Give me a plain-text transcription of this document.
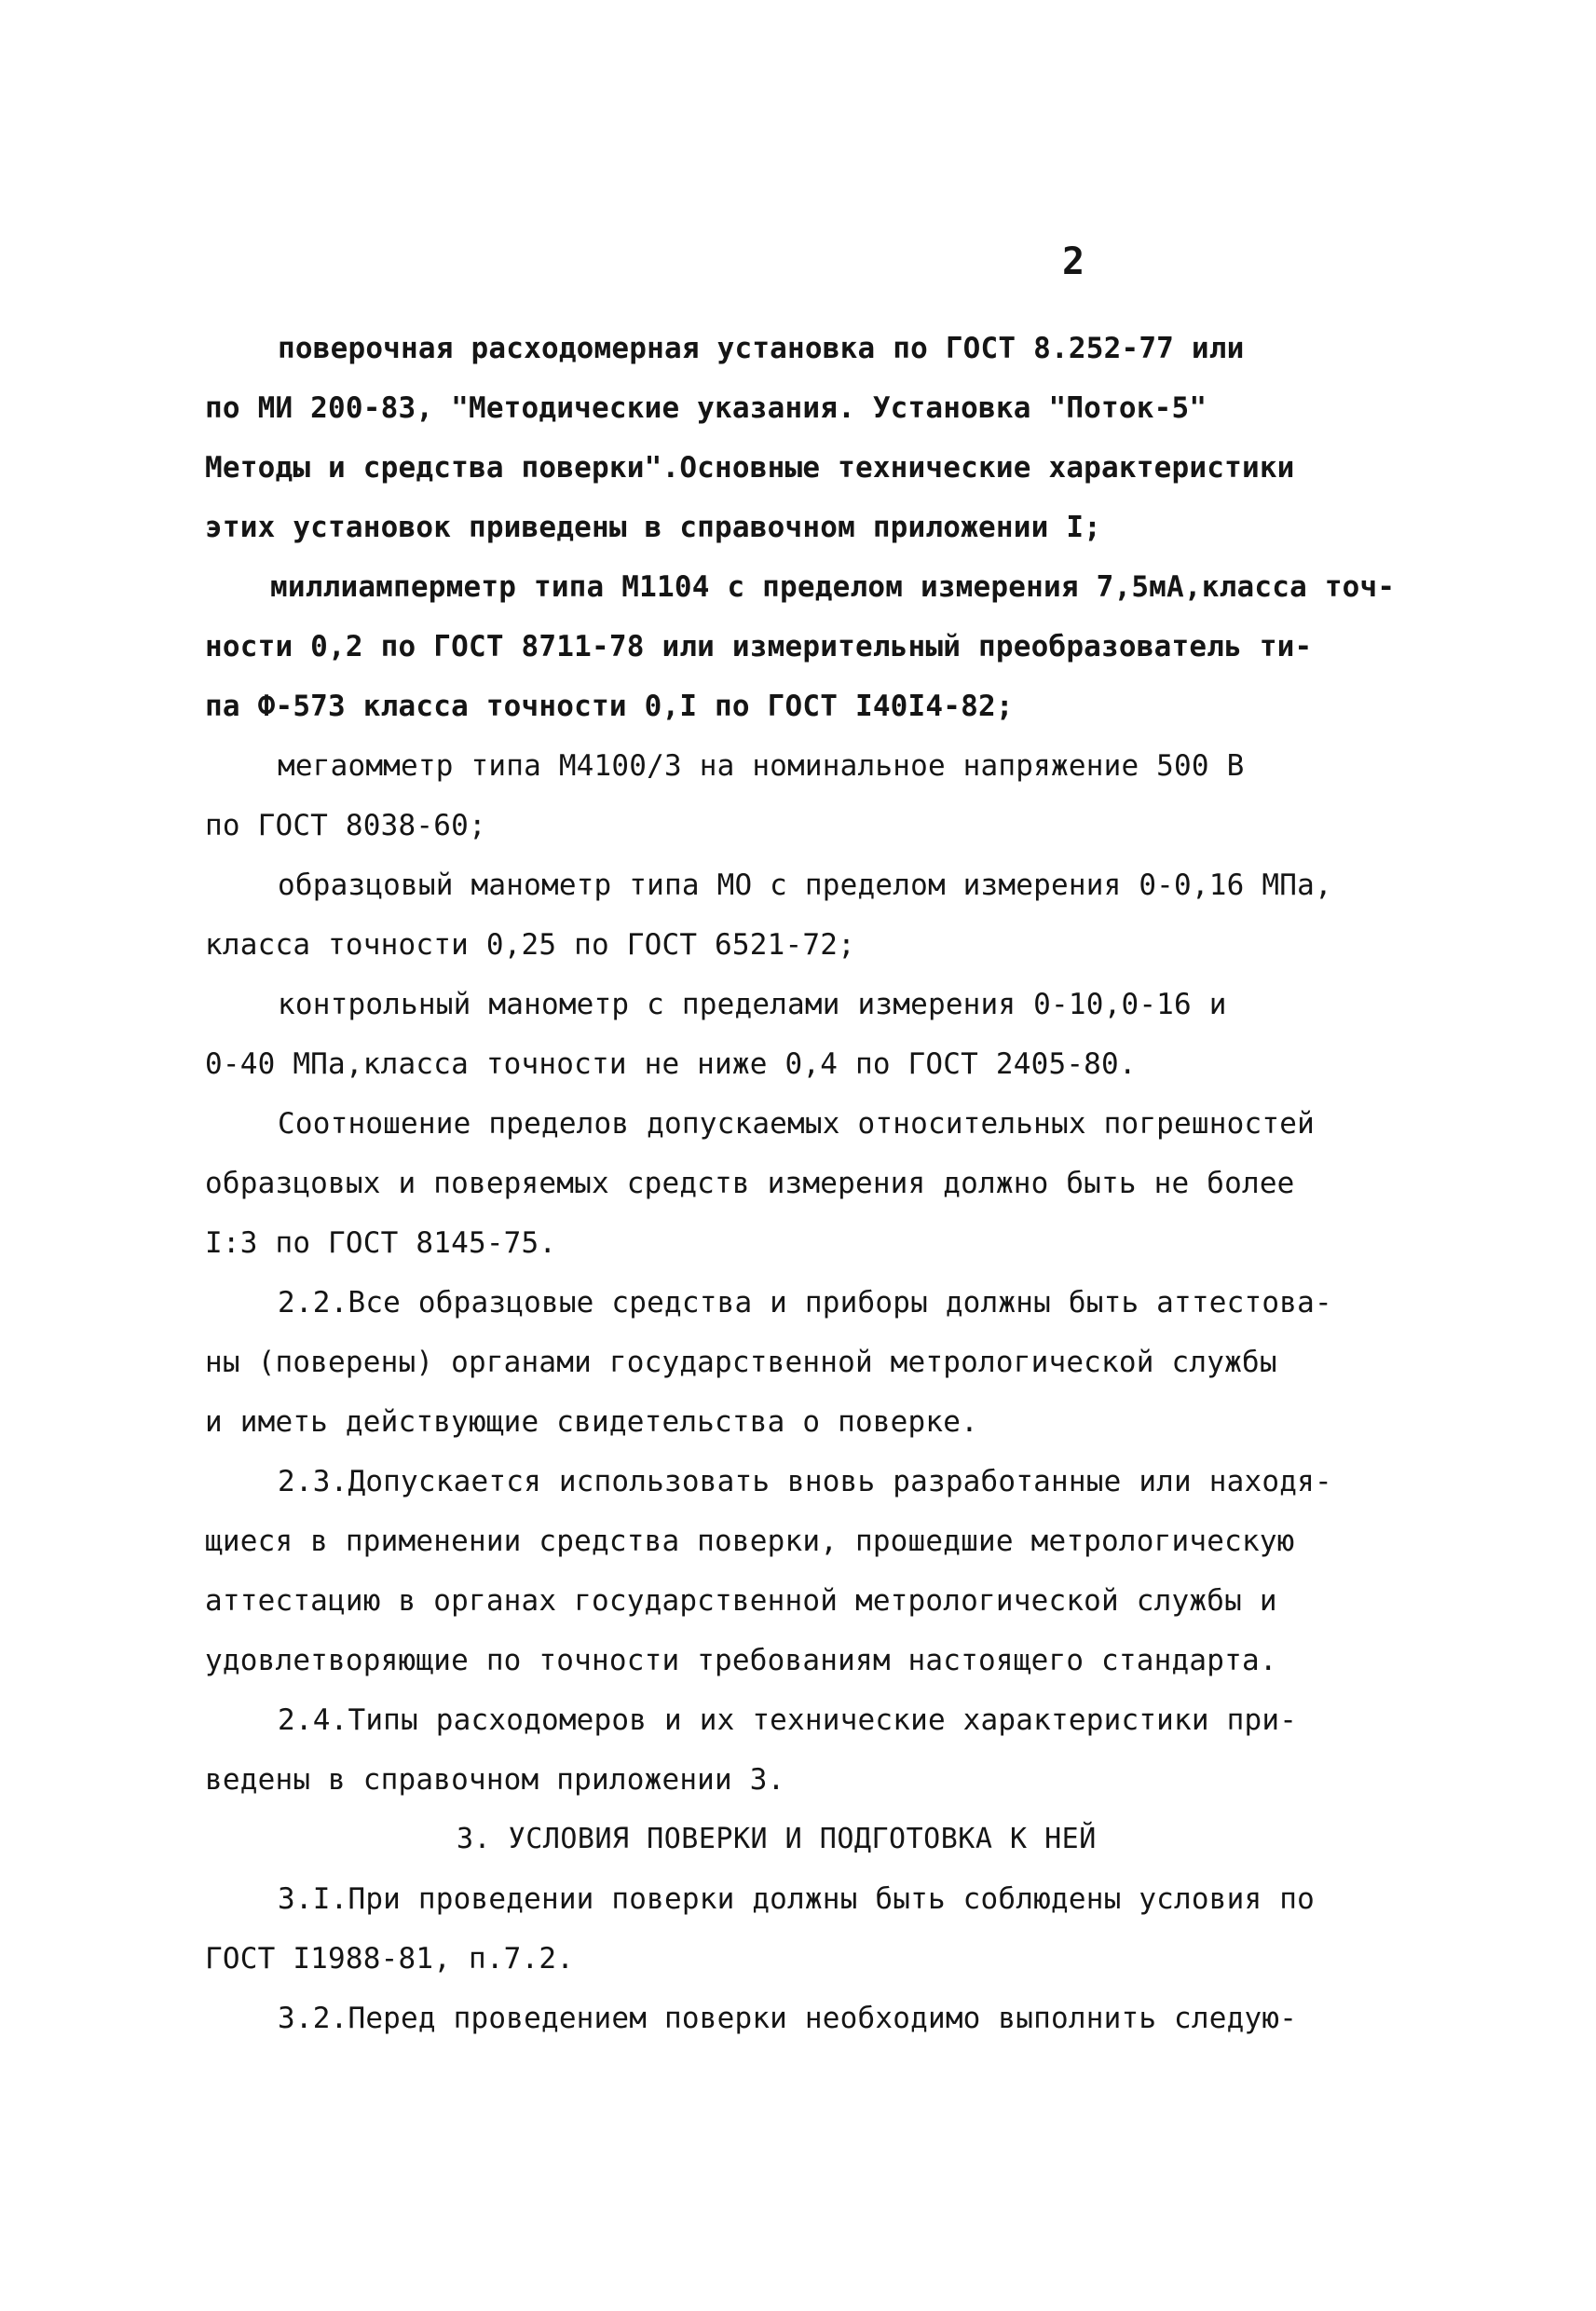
2
поверочная расходомерная установка по ГОСТ 8.252-77 или
по МИ 200-83, "Методические указания. Установка "Поток-5"
Методы и средства поверки".Основные технические характеристики
этих установок приведены в справочном приложении I;
миллиамперметр типа М1104 с пределом измерения 7,5мА,класса точ-
ности 0,2 по ГОСТ 8711-78 или измерительный преобразователь ти-
па Ф-573 класса точности 0,I по ГОСТ I40I4-82;
мегаомметр типа М4100/3 на номинальное напряжение 500 В
по ГОСТ 8038-60;
образцовый манометр типа МО с пределом измерения 0-0,16 МПа,
класса точности 0,25 по ГОСТ 6521-72;
контрольный манометр с пределами измерения 0-10,0-16 и
0-40 МПа,класса точности не ниже 0,4 по ГОСТ 2405-80.
Соотношение пределов допускаемых относительных погрешностей
образцовых и поверяемых средств измерения должно быть не более
I:3 по ГОСТ 8145-75.
2.2.Все образцовые средства и приборы должны быть аттестова-
ны (поверены) органами государственной метрологической службы
и иметь действующие свидетельства о поверке.
2.3.Допускается использовать вновь разработанные или находя-
щиеся в применении средства поверки, прошедшие метрологическую
аттестацию в органах государственной метрологической службы и
удовлетворяющие по точности требованиям настоящего стандарта.
2.4.Типы расходомеров и их технические характеристики при-
ведены в справочном приложении 3.
3. УСЛОВИЯ ПОВЕРКИ И ПОДГОТОВКА К НЕЙ
3.I.При проведении поверки должны быть соблюдены условия по
ГОСТ I1988-81, п.7.2.
3.2.Перед проведением поверки необходимо выполнить следую-
